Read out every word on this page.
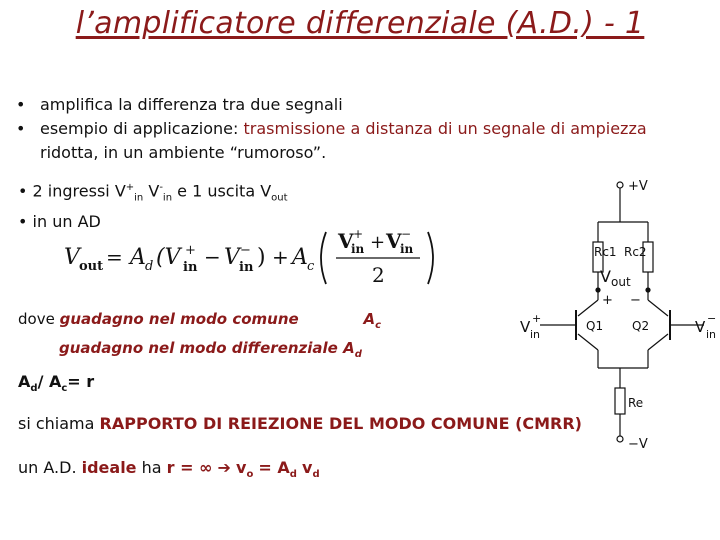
l’amplificatore differenziale (A.D.) - 1
• amplifica la differenza tra due segnali
• esempio di applicazione: trasmissione a distanza di un segnale di ampiezza
ridotta, in un ambiente “rumoroso”.
• 2 ingressi $V^+_{in}$ $V^-_{in}$ e 1 uscita $V_{out}$
• in un AD
V out = A d (V +
in − V −
in ) + A c
V +
in + V −
in
2
dove guadagno nel modo comune	$A_c$
guadagno nel modo differenziale $A_d$
$A_d/$ $A_c= r$
si chiama RAPPORTO DI REIEZIONE DEL MODO COMUNE (CMRR)
un A.D. ideale ha r = ∞ ➔ $v_o = A_d$ $v_d$
+V
Rc1 Rc2
V out
+ −
Q1 Q2
Re
−V
V +
in	V −
in
